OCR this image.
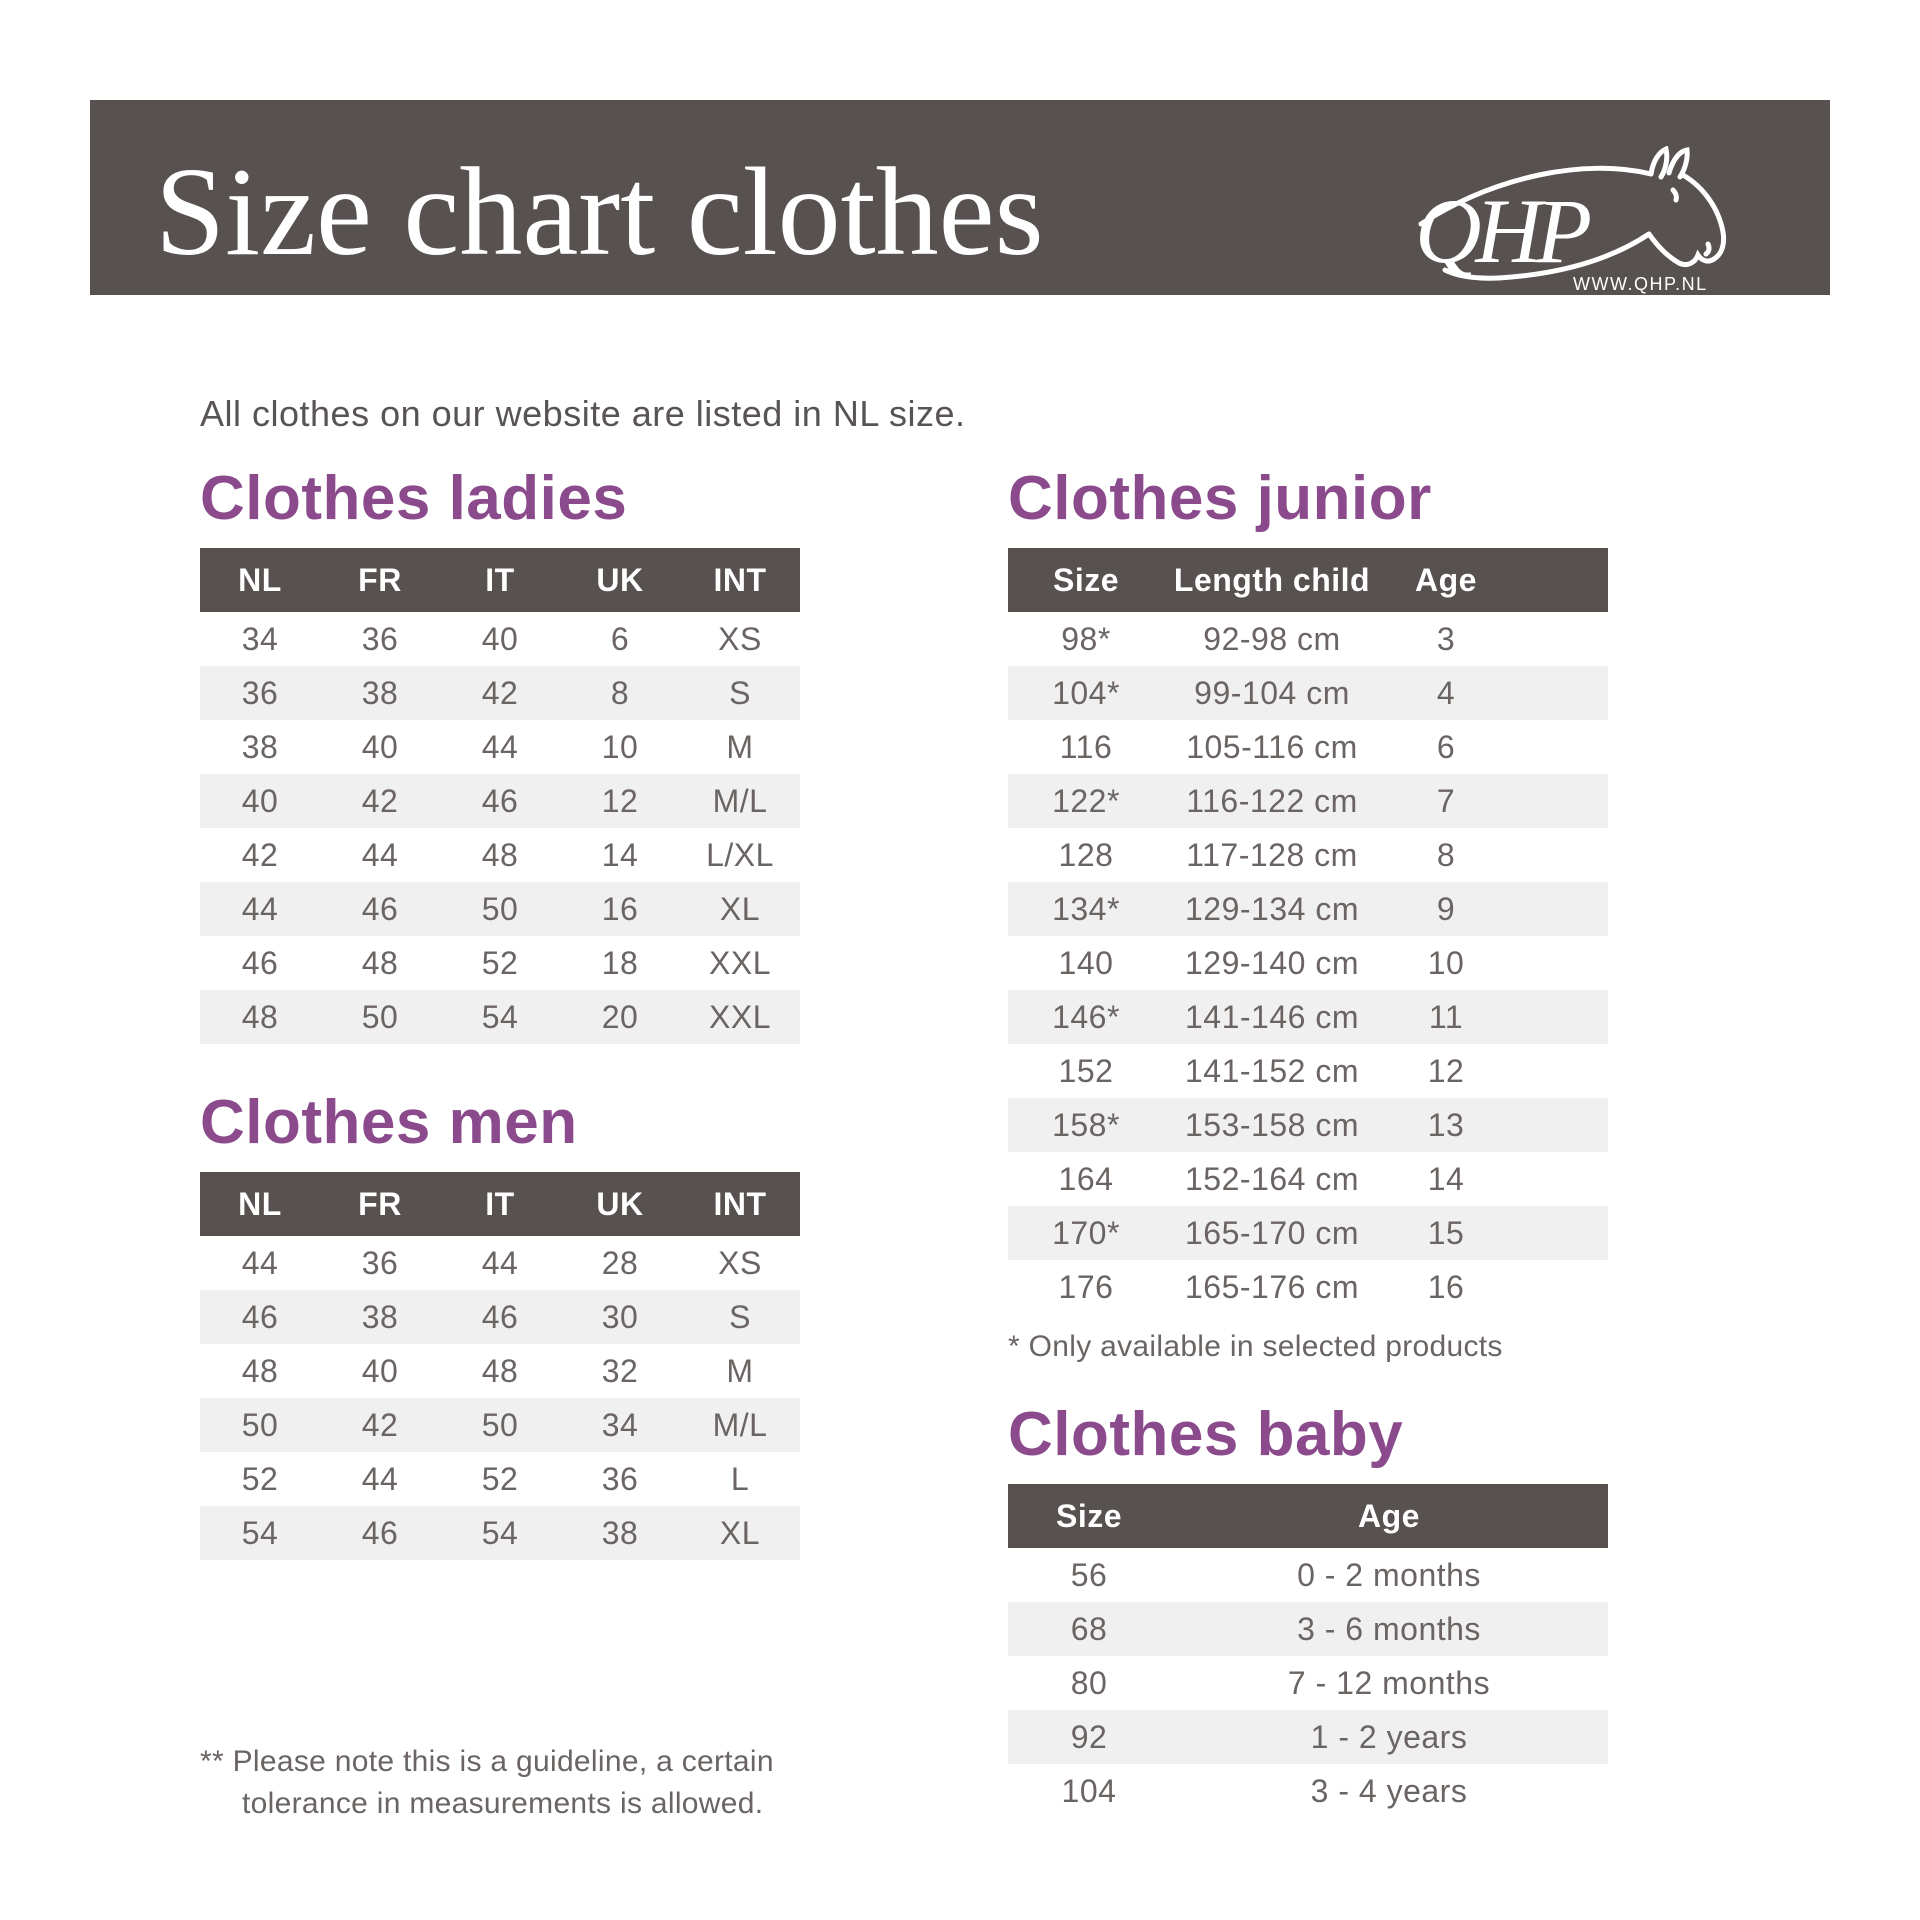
Size chart clothes	QHP
WWW.QHP.NL
All clothes on our website are listed in NL size.
Clothes ladies
NL	FR	IT	UK	INT
34	36	40	6	XS
36	38	42	8	S
38	40	44	10	M
40	42	46	12	M/L
42	44	48	14	L/XL
44	46	50	16	XL
46	48	52	18	XXL
48	50	54	20	XXL
Clothes men
NL	FR	IT	UK	INT
44	36	44	28	XS
46	38	46	30	S
48	40	48	32	M
50	42	50	34	M/L
52	44	52	36	L
54	46	54	38	XL
** Please note this is a guideline, a certain
tolerance in measurements is allowed.
Clothes junior
Size	Length child	Age
98*	92-98 cm	3
104*	99-104 cm	4
116	105-116 cm	6
122*	116-122 cm	7
128	117-128 cm	8
134*	129-134 cm	9
140	129-140 cm	10
146*	141-146 cm	11
152	141-152 cm	12
158*	153-158 cm	13
164	152-164 cm	14
170*	165-170 cm	15
176	165-176 cm	16
* Only available in selected products
Clothes baby
Size	Age
56	0 - 2 months
68	3 - 6 months
80	7 - 12 months
92	1 - 2 years
104	3 - 4 years
